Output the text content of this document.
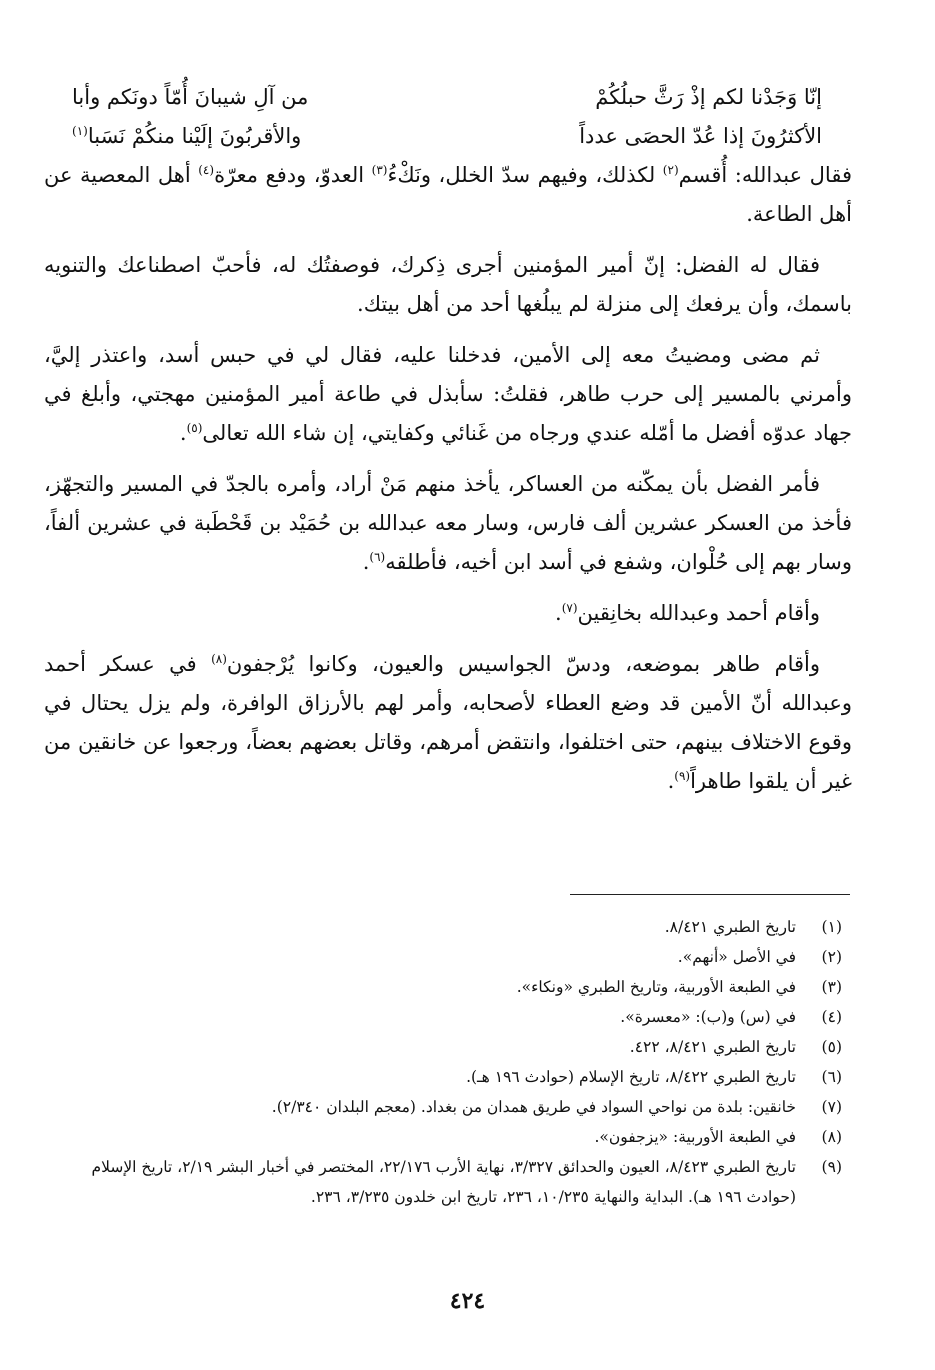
إنّا وَجَدْنا لكم إذْ رَثَّ حبلُكُمْ
من آلِ شيبانَ أُمّاً دونَكم وأبا
الأكثرُونَ إذا عُدّ الحصَى عدداً
والأقربُونَ إلَيْنا منكُمْ نَسَبا$^{(١)}$

فقال عبدالله: أُقسم$^{(٢)}$ لكذلك، وفيهم سدّ الخلل، ونَكْءُ$^{(٣)}$ العدوّ، ودفع معرّة$^{(٤)}$ أهل المعصية عن أهل الطاعة.

فقال له الفضل: إنّ أمير المؤمنين أجرى ذِكرك، فوصفتُك له، فأحبّ اصطناعك والتنويه باسمك، وأن يرفعك إلى منزلة لم يبلُغها أحد من أهل بيتك.

ثم مضى ومضيتُ معه إلى الأمين، فدخلنا عليه، فقال لي في حبس أسد، واعتذر إليَّ، وأمرني بالمسير إلى حرب طاهر، فقلتُ: سأبذل في طاعة أمير المؤمنين مهجتي، وأبلغ في جهاد عدوّه أفضل ما أمّله عندي ورجاه من غَنائي وكفايتي، إن شاء الله تعالى$^{(٥)}$.

فأمر الفضل بأن يمكّنه من العساكر، يأخذ منهم مَنْ أراد، وأمره بالجدّ في المسير والتجهّز، فأخذ من العسكر عشرين ألف فارس، وسار معه عبدالله بن حُمَيْد بن قَحْطَبة في عشرين ألفاً، وسار بهم إلى حُلْوان، وشفع في أسد ابن أخيه، فأطلقه$^{(٦)}$.

وأقام أحمد وعبدالله بخانِقين$^{(٧)}$.

وأقام طاهر بموضعه، ودسّ الجواسيس والعيون، وكانوا يُرْجفون$^{(٨)}$ في عسكر أحمد وعبدالله أنّ الأمين قد وضع العطاء لأصحابه، وأمر لهم بالأرزاق الوافرة، ولم يزل يحتال في وقوع الاختلاف بينهم، حتى اختلفوا، وانتقض أمرهم، وقاتل بعضهم بعضاً، ورجعوا عن خانقين من غير أن يلقوا طاهراً$^{(٩)}$.

(١)
تاريخ الطبري ٨/٤٢١.
(٢)
في الأصل «أنهم».
(٣)
في الطبعة الأوربية، وتاريخ الطبري «ونكاء».
(٤)
في (س) و(ب): «معسرة».
(٥)
تاريخ الطبري ٨/٤٢١، ٤٢٢.
(٦)
تاريخ الطبري ٨/٤٢٢، تاريخ الإسلام (حوادث ١٩٦ هـ).
(٧)
خانقين: بلدة من نواحي السواد في طريق همدان من بغداد. (معجم البلدان ٢/٣٤٠).
(٨)
في الطبعة الأوربية: «يزجفون».
(٩)
تاريخ الطبري ٨/٤٢٣، العيون والحدائق ٣/٣٢٧، نهاية الأرب ٢٢/١٧٦، المختصر في أخبار البشر ٢/١٩، تاريخ الإسلام (حوادث ١٩٦ هـ). البداية والنهاية ١٠/٢٣٥، ٢٣٦، تاريخ ابن خلدون ٣/٢٣٥، ٢٣٦.
٤٢٤
